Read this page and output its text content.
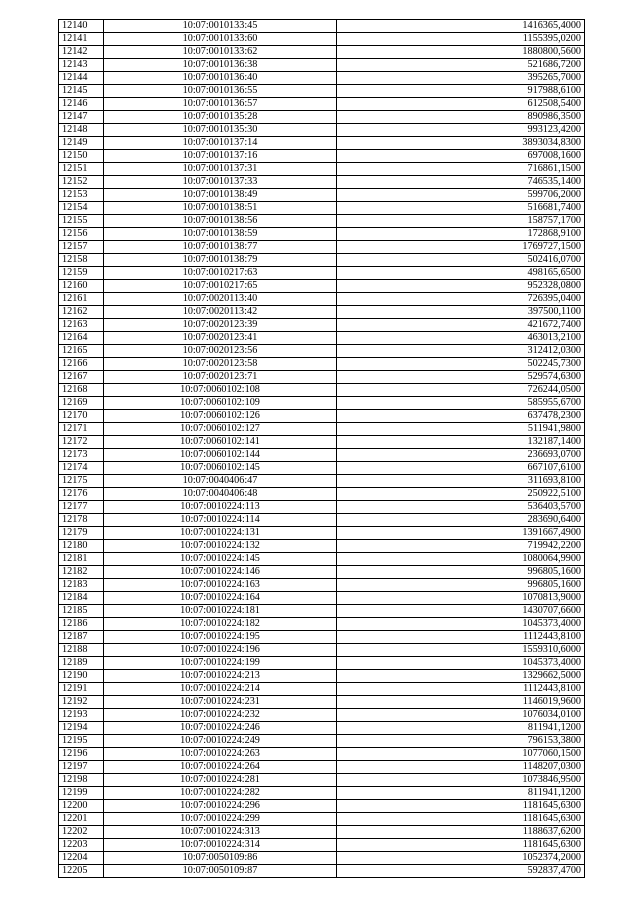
12140	10:07:0010133:45	1416365,4000
12141	10:07:0010133:60	1155395,0200
12142	10:07:0010133:62	1880800,5600
12143	10:07:0010136:38	521686,7200
12144	10:07:0010136:40	395265,7000
12145	10:07:0010136:55	917988,6100
12146	10:07:0010136:57	612508,5400
12147	10:07:0010135:28	890986,3500
12148	10:07:0010135:30	993123,4200
12149	10:07:0010137:14	3893034,8300
12150	10:07:0010137:16	697008,1600
12151	10:07:0010137:31	716861,1500
12152	10:07:0010137:33	746535,1400
12153	10:07:0010138:49	599706,2000
12154	10:07:0010138:51	516681,7400
12155	10:07:0010138:56	158757,1700
12156	10:07:0010138:59	172868,9100
12157	10:07:0010138:77	1769727,1500
12158	10:07:0010138:79	502416,0700
12159	10:07:0010217:63	498165,6500
12160	10:07:0010217:65	952328,0800
12161	10:07:0020113:40	726395,0400
12162	10:07:0020113:42	397500,1100
12163	10:07:0020123:39	421672,7400
12164	10:07:0020123:41	463013,2100
12165	10:07:0020123:56	312412,0300
12166	10:07:0020123:58	502245,7300
12167	10:07:0020123:71	529574,6300
12168	10:07:0060102:108	726244,0500
12169	10:07:0060102:109	585955,6700
12170	10:07:0060102:126	637478,2300
12171	10:07:0060102:127	511941,9800
12172	10:07:0060102:141	132187,1400
12173	10:07:0060102:144	236693,0700
12174	10:07:0060102:145	667107,6100
12175	10:07:0040406:47	311693,8100
12176	10:07:0040406:48	250922,5100
12177	10:07:0010224:113	536403,5700
12178	10:07:0010224:114	283690,6400
12179	10:07:0010224:131	1391667,4900
12180	10:07:0010224:132	719942,2200
12181	10:07:0010224:145	1080064,9900
12182	10:07:0010224:146	996805,1600
12183	10:07:0010224:163	996805,1600
12184	10:07:0010224:164	1070813,9000
12185	10:07:0010224:181	1430707,6600
12186	10:07:0010224:182	1045373,4000
12187	10:07:0010224:195	1112443,8100
12188	10:07:0010224:196	1559310,6000
12189	10:07:0010224:199	1045373,4000
12190	10:07:0010224:213	1329662,5000
12191	10:07:0010224:214	1112443,8100
12192	10:07:0010224:231	1146019,9600
12193	10:07:0010224:232	1076034,0100
12194	10:07:0010224:246	811941,1200
12195	10:07:0010224:249	796153,3800
12196	10:07:0010224:263	1077060,1500
12197	10:07:0010224:264	1148207,0300
12198	10:07:0010224:281	1073846,9500
12199	10:07:0010224:282	811941,1200
12200	10:07:0010224:296	1181645,6300
12201	10:07:0010224:299	1181645,6300
12202	10:07:0010224:313	1188637,6200
12203	10:07:0010224:314	1181645,6300
12204	10:07:0050109:86	1052374,2000
12205	10:07:0050109:87	592837,4700
